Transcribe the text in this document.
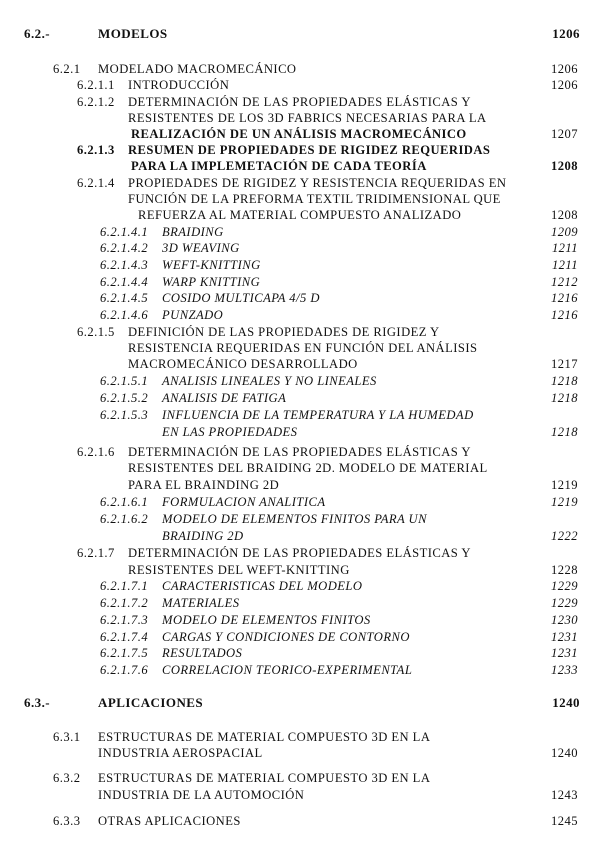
6.2.-	MODELOS	1206
6.2.1 MODELADO MACROMECÁNICO	1206
6.2.1.1 INTRODUCCIÓN	1206
6.2.1.2 DETERMINACIÓN DE LAS PROPIEDADES ELÁSTICAS Y
RESISTENTES DE LOS 3D FABRICS NECESARIAS PARA LA
REALIZACIÓN DE UN ANÁLISIS MACROMECÁNICO	1207
6.2.1.3 RESUMEN DE PROPIEDADES DE RIGIDEZ REQUERIDAS
PARA LA IMPLEMETACIÓN DE CADA TEORÍA	1208
6.2.1.4 PROPIEDADES DE RIGIDEZ Y RESISTENCIA REQUERIDAS EN
FUNCIÓN DE LA PREFORMA TEXTIL TRIDIMENSIONAL QUE
REFUERZA AL MATERIAL COMPUESTO ANALIZADO	1208
6.2.1.4.1 BRAIDING	1209
6.2.1.4.2 3D WEAVING	1211
6.2.1.4.3 WEFT-KNITTING	1211
6.2.1.4.4 WARP KNITTING	1212
6.2.1.4.5 COSIDO MULTICAPA 4/5 D	1216
6.2.1.4.6 PUNZADO	1216
6.2.1.5 DEFINICIÓN DE LAS PROPIEDADES DE RIGIDEZ Y
RESISTENCIA REQUERIDAS EN FUNCIÓN DEL ANÁLISIS
MACROMECÁNICO DESARROLLADO	1217
6.2.1.5.1 ANALISIS LINEALES Y NO LINEALES	1218
6.2.1.5.2 ANALISIS DE FATIGA	1218
6.2.1.5.3 INFLUENCIA DE LA TEMPERATURA Y LA HUMEDAD
EN LAS PROPIEDADES	1218
6.2.1.6 DETERMINACIÓN DE LAS PROPIEDADES ELÁSTICAS Y
RESISTENTES DEL BRAIDING 2D. MODELO DE MATERIAL
PARA EL BRAINDING 2D	1219
6.2.1.6.1 FORMULACION ANALITICA	1219
6.2.1.6.2 MODELO DE ELEMENTOS FINITOS PARA UN
BRAIDING 2D	1222
6.2.1.7 DETERMINACIÓN DE LAS PROPIEDADES ELÁSTICAS Y
RESISTENTES DEL WEFT-KNITTING	1228
6.2.1.7.1 CARACTERISTICAS DEL MODELO	1229
6.2.1.7.2 MATERIALES	1229
6.2.1.7.3 MODELO DE ELEMENTOS FINITOS	1230
6.2.1.7.4 CARGAS Y CONDICIONES DE CONTORNO	1231
6.2.1.7.5 RESULTADOS	1231
6.2.1.7.6 CORRELACION TEORICO-EXPERIMENTAL	1233
6.3.-	APLICACIONES	1240
6.3.1 ESTRUCTURAS DE MATERIAL COMPUESTO 3D EN LA
INDUSTRIA AEROSPACIAL	1240
6.3.2 ESTRUCTURAS DE MATERIAL COMPUESTO 3D EN LA
INDUSTRIA DE LA AUTOMOCIÓN	1243
6.3.3 OTRAS APLICACIONES	1245
